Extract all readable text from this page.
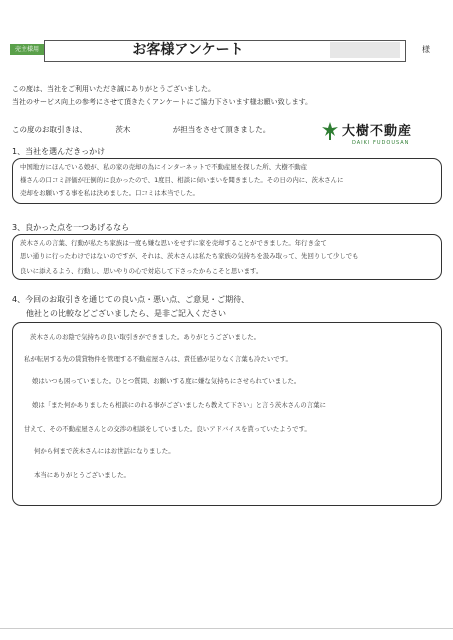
売主様用	お客様アンケート	様
この度は、当社をご利用いただき誠にありがとうございました。
当社のサービス向上の参考にさせて頂きたくアンケートにご協力下さいます様お願い致します。
この度のお取引きは、	茨木	が担当をさせて頂きました。	大樹不動産
DAIKI FUDOUSAN
1、当社を選んだきっかけ
中国地方にほんでいる娘が、私の家の売却の為にインターネットで不動産屋を探した所、大樹不動産
様さんの口コミ評価が圧倒的に良かったので、1度目、相談に伺いまいを聞きました。その日の内に、茨木さんに
売却をお願いする事を私は決めました。口コミは本当でした。
3、良かった点を一つあげるなら
茨木さんの言葉、行動が私たち家族は一度も嫌な思いをせずに家を売却することができました。年行き金て
思い通りに行ったわけではないのですが、それは、茨木さんは私たち家族の気持ちを汲み取って、先回りして少しでも
良いに添えるよう、行動し、思いやりの心で対応して下さったからこそと思います。
4、今回のお取引きを通じての良い点・悪い点、ご意見・ご期待、
他社との比較などございましたら、是非ご記入ください
茨木さんのお陰で気持ちの良い取引きができました。ありがとうございました。
私が転居する先の賃貸物件を管理する不動産屋さんは、責任感が足りなく言葉も冷たいです。
娘はいつも困っていました。ひとつ質問、お願いする度に嫌な気持ちにさせられていました。
娘は「また何かありましたら相談にのれる事がございましたら教えて下さい」と言う茨木さんの言葉に
甘えて、その不動産屋さんとの交渉の相談をしていました。良いアドバイスを貰っていたようです。
何から何まで茨木さんにはお世話になりました。
本当にありがとうございました。
